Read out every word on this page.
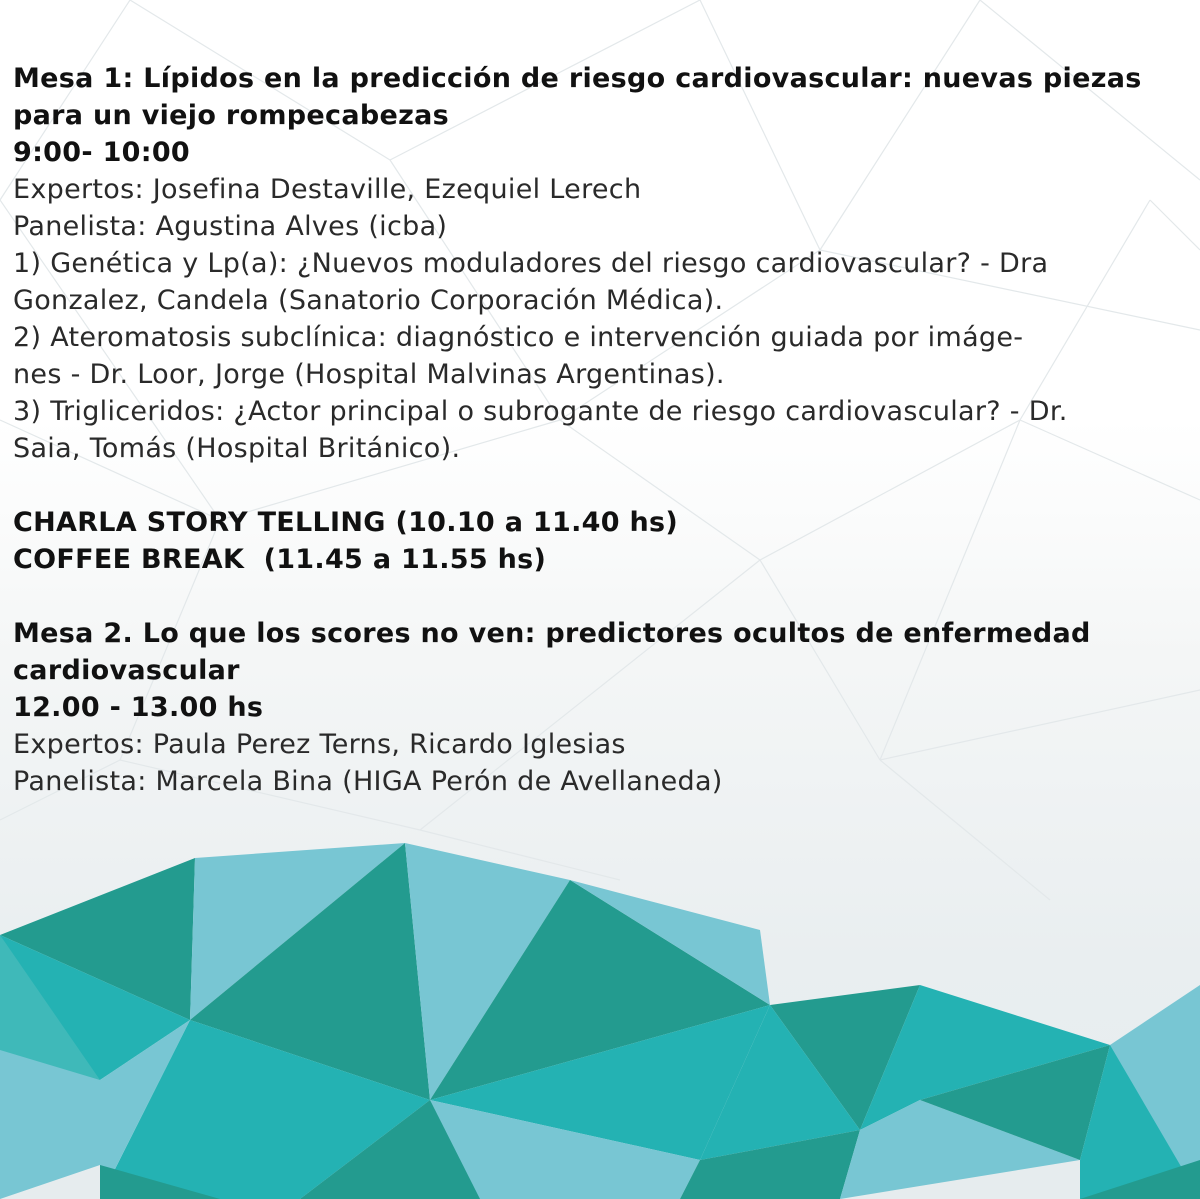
Mesa 1: Lípidos en la predicción de riesgo cardiovascular: nuevas piezas
para un viejo rompecabezas
9:00- 10:00
Expertos: Josefina Destaville, Ezequiel Lerech
Panelista: Agustina Alves (icba)
1) Genética y Lp(a): ¿Nuevos moduladores del riesgo cardiovascular? - Dra
Gonzalez, Candela (Sanatorio Corporación Médica).
2) Ateromatosis subclínica: diagnóstico e intervención guiada por imáge-
nes - Dr. Loor, Jorge (Hospital Malvinas Argentinas).
3) Trigliceridos: ¿Actor principal o subrogante de riesgo cardiovascular? - Dr.
Saia, Tomás (Hospital Británico).
CHARLA STORY TELLING (10.10 a 11.40 hs)
COFFEE BREAK  (11.45 a 11.55 hs)
Mesa 2. Lo que los scores no ven: predictores ocultos de enfermedad
cardiovascular
12.00 - 13.00 hs
Expertos: Paula Perez Terns, Ricardo Iglesias
Panelista: Marcela Bina (HIGA Perón de Avellaneda)
